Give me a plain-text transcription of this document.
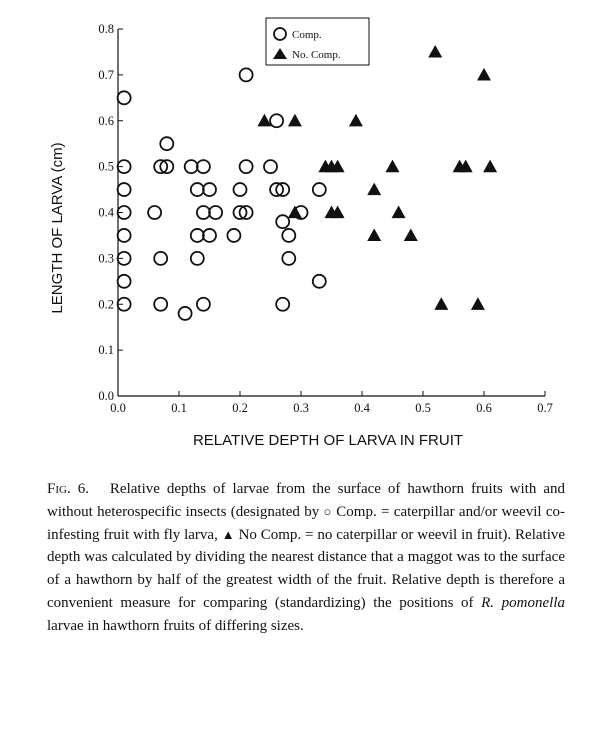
0.0	0.1	0.2	0.3	0.4	0.5	0.6	0.7
0.0
0.1
0.2
0.3
0.4
0.5
0.6
0.7
0.8	Comp.
No. Comp.
LENGTH OF LARVA (cm)
RELATIVE DEPTH OF LARVA IN FRUIT

Fig. 6. Relative depths of larvae from the surface of hawthorn fruits with and without heterospecific insects (designated by ○ Comp. = caterpillar and/or weevil co-infesting fruit with fly larva, ▲ No Comp. = no caterpillar or weevil in fruit). Relative depth was calculated by dividing the nearest distance that a maggot was to the surface of a hawthorn by half of the greatest width of the fruit. Relative depth is therefore a convenient measure for comparing (standardizing) the positions of R. pomonella larvae in hawthorn fruits of differing sizes.
